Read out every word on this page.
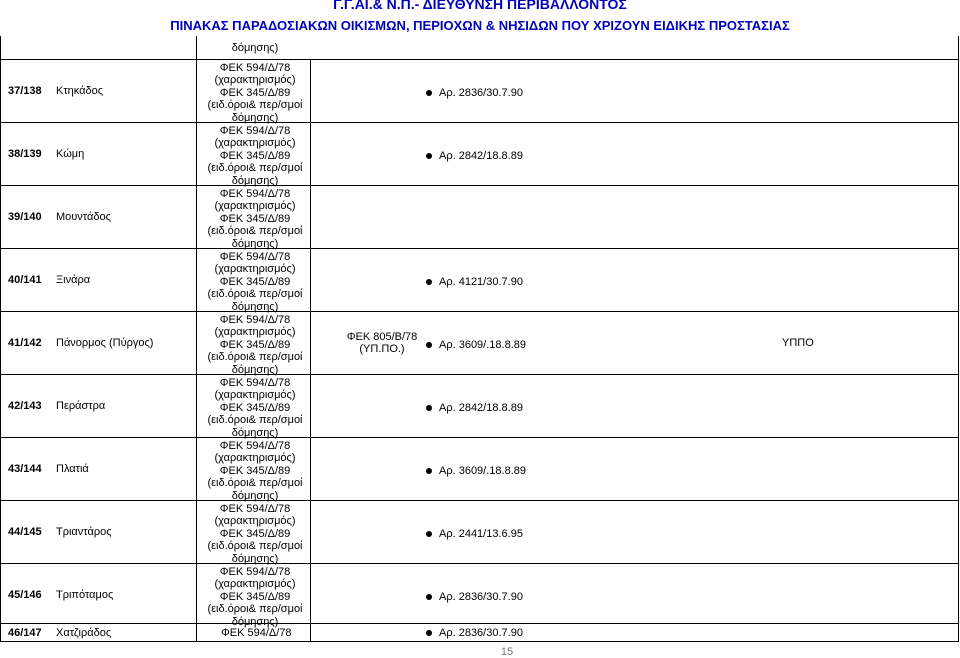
Γ.Γ.ΑΙ.& Ν.Π.- ΔΙΕΥΘΥΝΣΗ ΠΕΡΙΒΑΛΛΟΝΤΟΣ
ΠΙΝΑΚΑΣ ΠΑΡΑΔΟΣΙΑΚΩΝ ΟΙΚΙΣΜΩΝ, ΠΕΡΙΟΧΩΝ & ΝΗΣΙΔΩΝ ΠΟΥ ΧΡΙΖΟΥΝ ΕΙΔΙΚΗΣ ΠΡΟΣΤΑΣΙΑΣ
δόμησης)
37/138 Κτηκάδος
ΦΕΚ 594/Δ/78
(χαρακτηρισμός)
ΦΕΚ 345/Δ/89
(ειδ.όροι& περ/σμοί
δόμησης)
Αρ. 2836/30.7.90
38/139 Κώμη
ΦΕΚ 594/Δ/78
(χαρακτηρισμός)
ΦΕΚ 345/Δ/89
(ειδ.όροι& περ/σμοί
δόμησης)
Αρ. 2842/18.8.89
39/140 Μουντάδος
ΦΕΚ 594/Δ/78
(χαρακτηρισμός)
ΦΕΚ 345/Δ/89
(ειδ.όροι& περ/σμοί
δόμησης)
40/141 Ξινάρα
ΦΕΚ 594/Δ/78
(χαρακτηρισμός)
ΦΕΚ 345/Δ/89
(ειδ.όροι& περ/σμοί
δόμησης)
Αρ. 4121/30.7.90
41/142 Πάνορμος (Πύργος)
ΦΕΚ 594/Δ/78
(χαρακτηρισμός)
ΦΕΚ 345/Δ/89
(ειδ.όροι& περ/σμοί
δόμησης)
Αρ. 3609/.18.8.89
42/143 Περάστρα
ΦΕΚ 594/Δ/78
(χαρακτηρισμός)
ΦΕΚ 345/Δ/89
(ειδ.όροι& περ/σμοί
δόμησης)
Αρ. 2842/18.8.89
43/144 Πλατιά
ΦΕΚ 594/Δ/78
(χαρακτηρισμός)
ΦΕΚ 345/Δ/89
(ειδ.όροι& περ/σμοί
δόμησης)
Αρ. 3609/.18.8.89
44/145 Τριαντάρος
ΦΕΚ 594/Δ/78
(χαρακτηρισμός)
ΦΕΚ 345/Δ/89
(ειδ.όροι& περ/σμοί
δόμησης)
Αρ. 2441/13.6.95
45/146 Τριπόταμος
ΦΕΚ 594/Δ/78
(χαρακτηρισμός)
ΦΕΚ 345/Δ/89
(ειδ.όροι& περ/σμοί
δόμησης)
Αρ. 2836/30.7.90
ΦΕΚ 805/Β/78
(ΥΠ.ΠΟ.)
ΥΠΠΟ
46/147 Χατζιράδος	ΦΕΚ 594/Δ/78	Αρ. 2836/30.7.90
15
